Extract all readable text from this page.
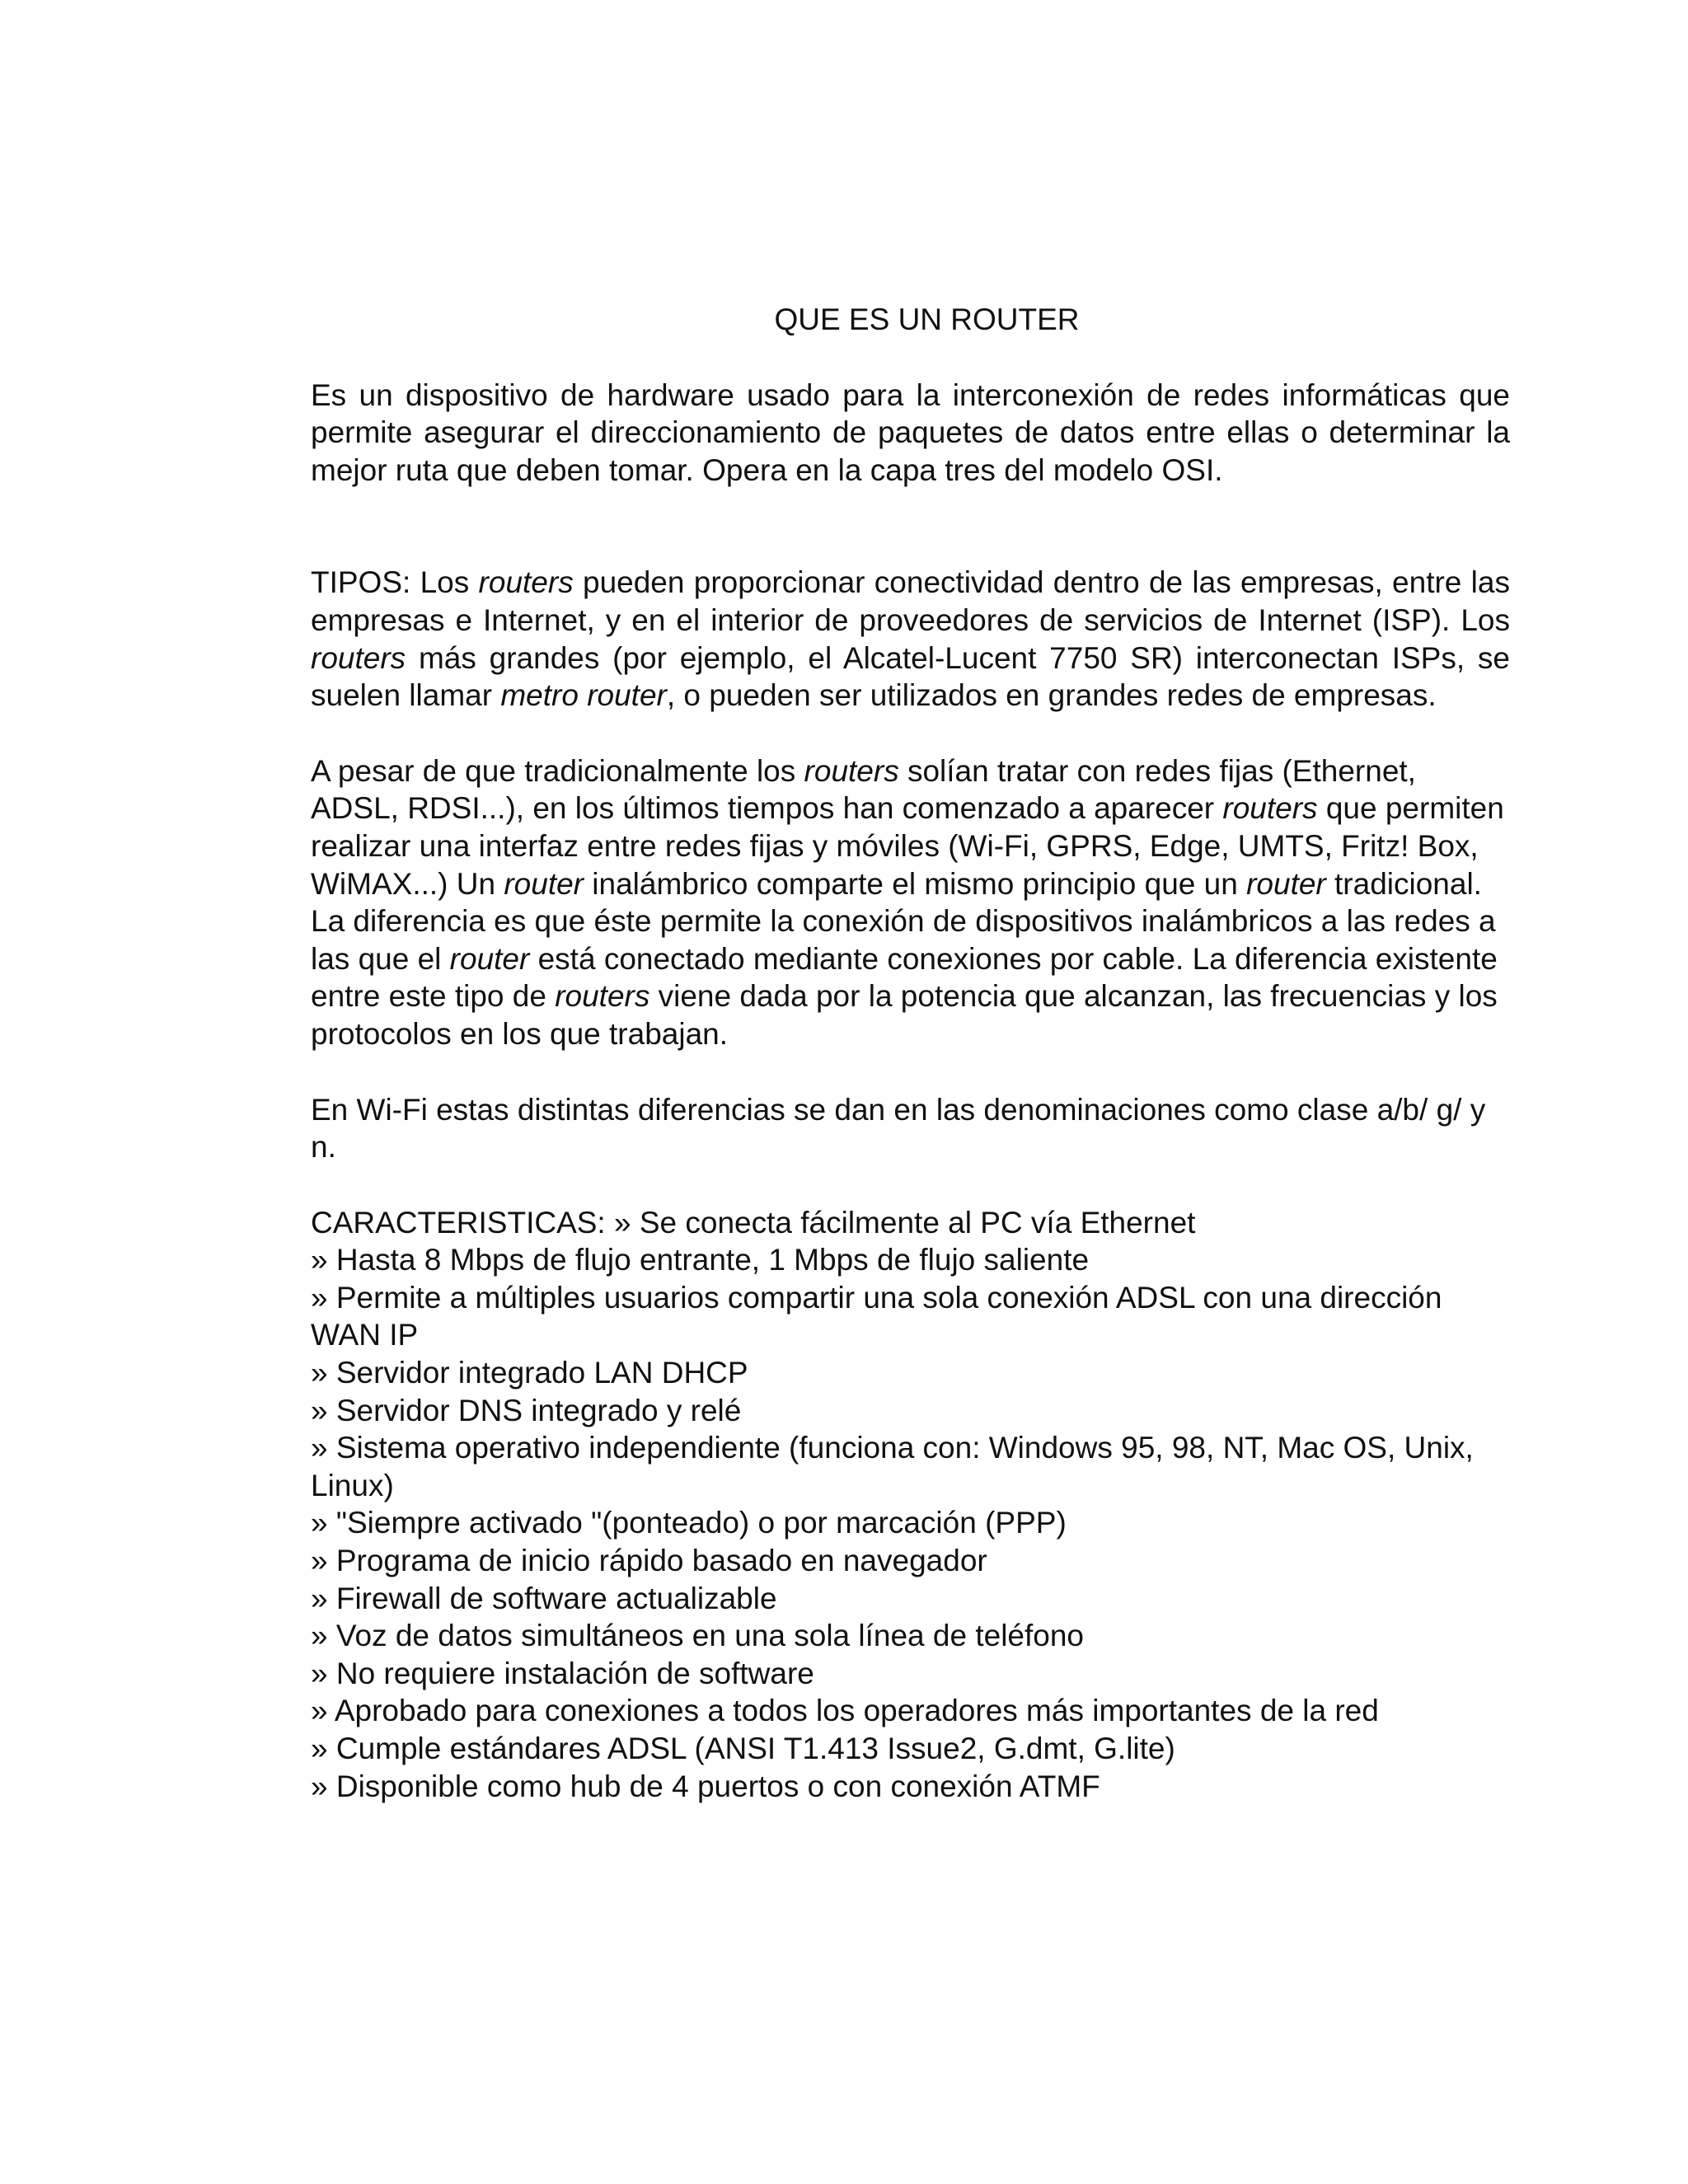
QUE ES UN ROUTER

Es un dispositivo de hardware usado para la interconexión de redes informáticas que permite asegurar el direccionamiento de paquetes de datos entre ellas o determinar la mejor ruta que deben tomar. Opera en la capa tres del modelo OSI.

TIPOS: Los routers pueden proporcionar conectividad dentro de las empresas, entre las empresas e Internet, y en el interior de proveedores de servicios de Internet (ISP). Los routers más grandes (por ejemplo, el Alcatel-Lucent 7750 SR) interconectan ISPs, se suelen llamar metro router, o pueden ser utilizados en grandes redes de empresas.

A pesar de que tradicionalmente los routers solían tratar con redes fijas (Ethernet, ADSL, RDSI...), en los últimos tiempos han comenzado a aparecer routers que permiten realizar una interfaz entre redes fijas y móviles (Wi-Fi, GPRS, Edge, UMTS, Fritz! Box, WiMAX...) Un router inalámbrico comparte el mismo principio que un router tradicional. La diferencia es que éste permite la conexión de dispositivos inalámbricos a las redes a las que el router está conectado mediante conexiones por cable. La diferencia existente entre este tipo de routers viene dada por la potencia que alcanzan, las frecuencias y los protocolos en los que trabajan.

En Wi-Fi estas distintas diferencias se dan en las denominaciones como clase a/b/ g/ y n.

CARACTERISTICAS: » Se conecta fácilmente al PC vía Ethernet
» Hasta 8 Mbps de flujo entrante, 1 Mbps de flujo saliente
» Permite a múltiples usuarios compartir una sola conexión ADSL con una dirección WAN IP
» Servidor integrado LAN DHCP
» Servidor DNS integrado y relé
» Sistema operativo independiente (funciona con: Windows 95, 98, NT, Mac OS, Unix, Linux)
» "Siempre activado "(ponteado) o por marcación (PPP)
» Programa de inicio rápido basado en navegador
» Firewall de software actualizable
» Voz de datos simultáneos en una sola línea de teléfono
» No requiere instalación de software
» Aprobado para conexiones a todos los operadores más importantes de la red
» Cumple estándares ADSL (ANSI T1.413 Issue2, G.dmt, G.lite)
» Disponible como hub de 4 puertos o con conexión ATMF
